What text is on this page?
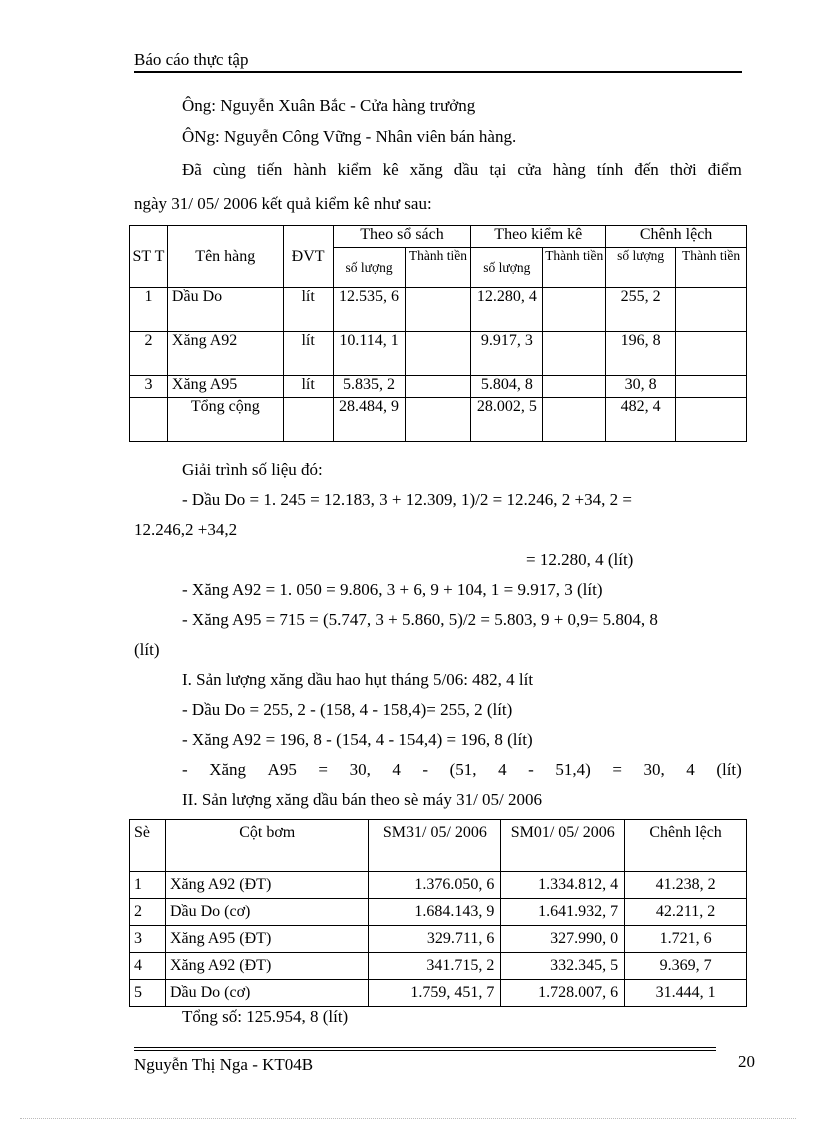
Báo cáo thực tập
Ông: Nguyễn Xuân Bắc - Cửa hàng trưởng
ÔNg: Nguyễn Công Vững - Nhân viên bán hàng.
Đã cùng tiến hành kiểm kê xăng dầu tại cửa hàng tính đến thời điểm
ngày 31/ 05/ 2006 kết quả kiểm kê như sau:
ST T	Tên hàng	ĐVT	Theo sổ sách		Theo kiểm kê		Chênh lệch	
			số lượng	Thành tiền	số lượng	Thành tiền	số lượng	Thành tiền
1	Dầu Do	lít	12.535, 6		12.280, 4		255, 2	
2	Xăng A92	lít	10.114, 1		9.917, 3		196, 8	
3	Xăng A95	lít	5.835, 2		5.804, 8		30, 8	
	Tổng cộng		28.484, 9		28.002, 5		482, 4	
Giải trình số liệu đó:
- Dầu Do = 1. 245 = 12.183, 3 + 12.309, 1)/2 = 12.246, 2 +34, 2 =
12.246,2 +34,2
= 12.280, 4 (lít)
- Xăng A92 = 1. 050 = 9.806, 3 + 6, 9 + 104, 1 = 9.917, 3 (lít)
- Xăng A95 = 715 = (5.747, 3 + 5.860, 5)/2 = 5.803, 9 + 0,9= 5.804, 8
(lít)
I. Sản lượng xăng dầu hao hụt tháng 5/06: 482, 4 lít
- Dầu Do = 255, 2 - (158, 4 - 158,4)= 255, 2 (lít)
- Xăng A92 = 196, 8 - (154, 4 - 154,4) = 196, 8 (lít)
- Xăng A95 = 30, 4 - (51, 4 - 51,4) = 30, 4 (lít)
II. Sản lượng xăng dầu bán theo sè máy 31/ 05/ 2006
Sè	Cột bơm	SM31/ 05/ 2006	SM01/ 05/ 2006	Chênh lệch
1	Xăng A92 (ĐT)	1.376.050, 6	1.334.812, 4	41.238, 2
2	Dầu Do (cơ)	1.684.143, 9	1.641.932, 7	42.211, 2
3	Xăng A95 (ĐT)	329.711, 6	327.990, 0	1.721, 6
4	Xăng A92 (ĐT)	341.715, 2	332.345, 5	9.369, 7
5	Dầu Do (cơ)	1.759, 451, 7	1.728.007, 6	31.444, 1
Tổng số: 125.954, 8 (lít)
Nguyễn Thị Nga - KT04B	20
